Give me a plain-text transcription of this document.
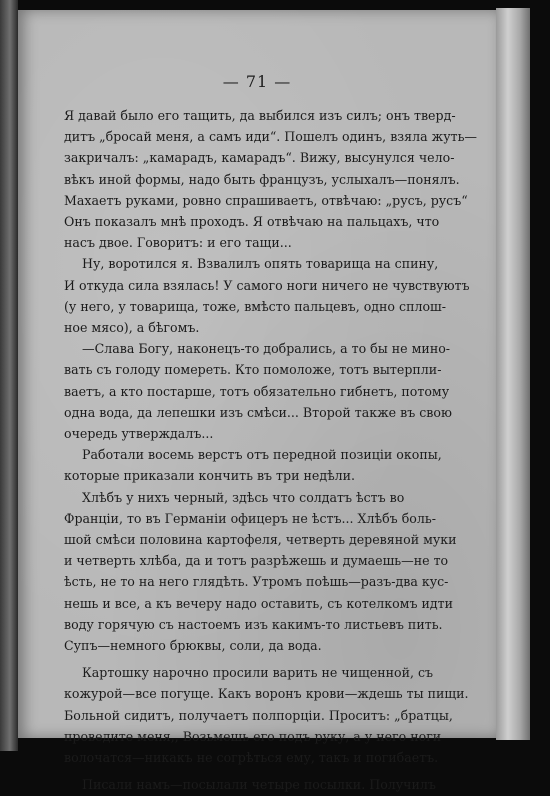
— 71 —

Я давай было его тащить, да выбился изъ силъ; онъ тверд-

дитъ „бросай меня, а самъ иди“. Пошелъ одинъ, взяла жуть—

закричалъ: „камарадъ, камарадъ“. Вижу, высунулся чело-

вѣкъ иной формы, надо быть французъ, услыхалъ—понялъ.

Махаетъ руками, ровно спрашиваетъ, отвѣчаю: „русъ, русъ“

Онъ показалъ мнѣ проходъ. Я отвѣчаю на пальцахъ, что

насъ двое. Говоритъ: и его тащи...

Ну, воротился я. Взвалилъ опять товарища на спину,

И откуда сила взялась! У самого ноги ничего не чувствуютъ

(у него, у товарища, тоже, вмѣсто пальцевъ, одно сплош-

ное мясо), а бѣгомъ.

—Слава Богу, наконецъ-то добрались, а то бы не мино-

вать съ голоду помереть. Кто помоложе, тотъ вытерпли-

ваетъ, а кто постарше, тотъ обязательно гибнетъ, потому

одна вода, да лепешки изъ смѣси... Второй также въ свою

очередь утверждалъ...

Работали восемь верстъ отъ передной позиціи окопы,

которые приказали кончить въ три недѣли.

Хлѣбъ у нихъ черный, здѣсь что солдатъ ѣстъ во

Франціи, то въ Германіи офицеръ не ѣстъ... Хлѣбъ боль-

шой смѣси половина картофеля, четверть деревяной муки

и четверть хлѣба, да и тотъ разрѣжешь и думаешь—не то

ѣсть, не то на него глядѣть. Утромъ поѣшь—разъ-два кус-

нешь и все, а къ вечеру надо оставить, съ котелкомъ идти

воду горячую съ настоемъ изъ какимъ-то листьевъ пить.

Супъ—немного брюквы, соли, да вода.

Картошку нарочно просили варить не чищенной, съ

кожурой—все погуще. Какъ воронъ крови—ждешь ты пищи.

Больной сидитъ, получаетъ полпорціи. Проситъ: „братцы,

проведите меня,, Возьмешь его подъ руку, а у него ноги

волочатся—никакъ не согрѣться ему, такъ и погибаетъ.

Писали намъ—посылали четыре посылки. Получилъ
